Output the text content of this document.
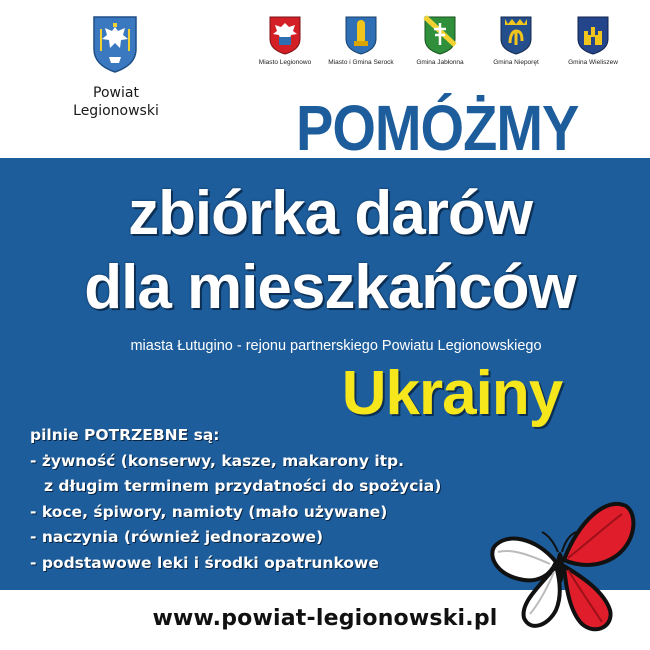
Powiat
Legionowski
Miasto Legionowo	Miasto i Gmina Serock	Gmina Jabłonna	Gmina Nieporęt	Gmina Wieliszew
POMÓŻMY
zbiórka darów
dla mieszkańców
miasta Łutugino - rejonu partnerskiego Powiatu Legionowskiego
Ukrainy
pilnie POTRZEBNE są:
- żywność (konserwy, kasze, makarony itp.
z długim terminem przydatności do spożycia)
- koce, śpiwory, namioty (mało używane)
- naczynia (również jednorazowe)
- podstawowe leki i środki opatrunkowe
www.powiat-legionowski.pl
